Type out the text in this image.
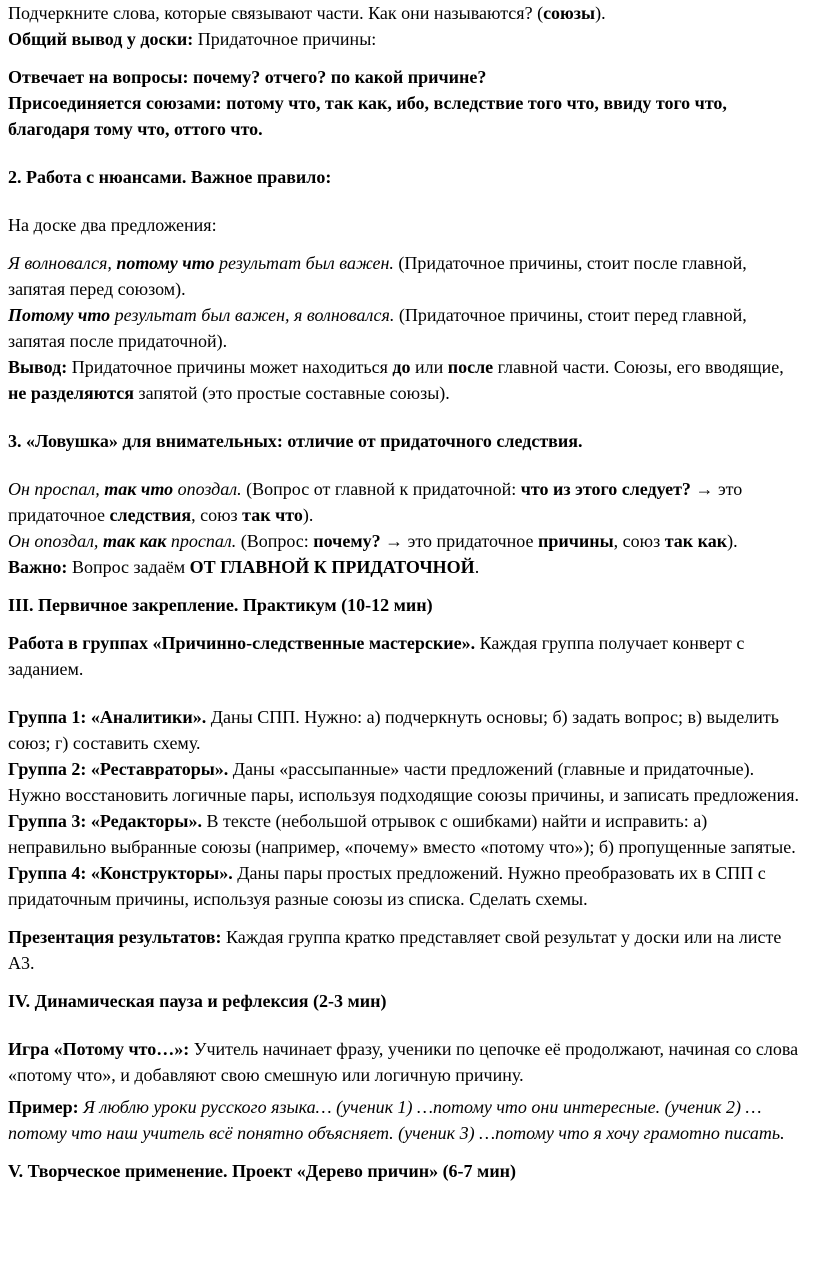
Подчеркните слова, которые связывают части. Как они называются? (союзы).

Общий вывод у доски: Придаточное причины:

Отвечает на вопросы: почему? отчего? по какой причине?

Присоединяется союзами: потому что, так как, ибо, вследствие того что, ввиду того что, благодаря тому что, оттого что.

2. Работа с нюансами. Важное правило:

На доске два предложения:

Я волновался, потому что результат был важен. (Придаточное причины, стоит после главной, запятая перед союзом).

Потому что результат был важен, я волновался. (Придаточное причины, стоит перед главной, запятая после придаточной).

Вывод: Придаточное причины может находиться до или после главной части. Союзы, его вводящие, не разделяются запятой (это простые составные союзы).

3. «Ловушка» для внимательных: отличие от придаточного следствия.

Он проспал, так что опоздал. (Вопрос от главной к придаточной: что из этого следует? → это придаточное следствия, союз так что).

Он опоздал, так как проспал. (Вопрос: почему? → это придаточное причины, союз так как).

Важно: Вопрос задаём ОТ ГЛАВНОЙ К ПРИДАТОЧНОЙ.

III. Первичное закрепление. Практикум (10-12 мин)

Работа в группах «Причинно-следственные мастерские». Каждая группа получает конверт с заданием.

Группа 1: «Аналитики». Даны СПП. Нужно: а) подчеркнуть основы; б) задать вопрос; в) выделить союз; г) составить схему.

Группа 2: «Реставраторы». Даны «рассыпанные» части предложений (главные и придаточные). Нужно восстановить логичные пары, используя подходящие союзы причины, и записать предложения.

Группа 3: «Редакторы». В тексте (небольшой отрывок с ошибками) найти и исправить: а) неправильно выбранные союзы (например, «почему» вместо «потому что»); б) пропущенные запятые.

Группа 4: «Конструкторы». Даны пары простых предложений. Нужно преобразовать их в СПП с придаточным причины, используя разные союзы из списка. Сделать схемы.

Презентация результатов: Каждая группа кратко представляет свой результат у доски или на листе А3.

IV. Динамическая пауза и рефлексия (2-3 мин)

Игра «Потому что…»: Учитель начинает фразу, ученики по цепочке её продолжают, начиная со слова «потому что», и добавляют свою смешную или логичную причину.

Пример: Я люблю уроки русского языка… (ученик 1) …потому что они интересные. (ученик 2) …потому что наш учитель всё понятно объясняет. (ученик 3) …потому что я хочу грамотно писать.

V. Творческое применение. Проект «Дерево причин» (6-7 мин)
